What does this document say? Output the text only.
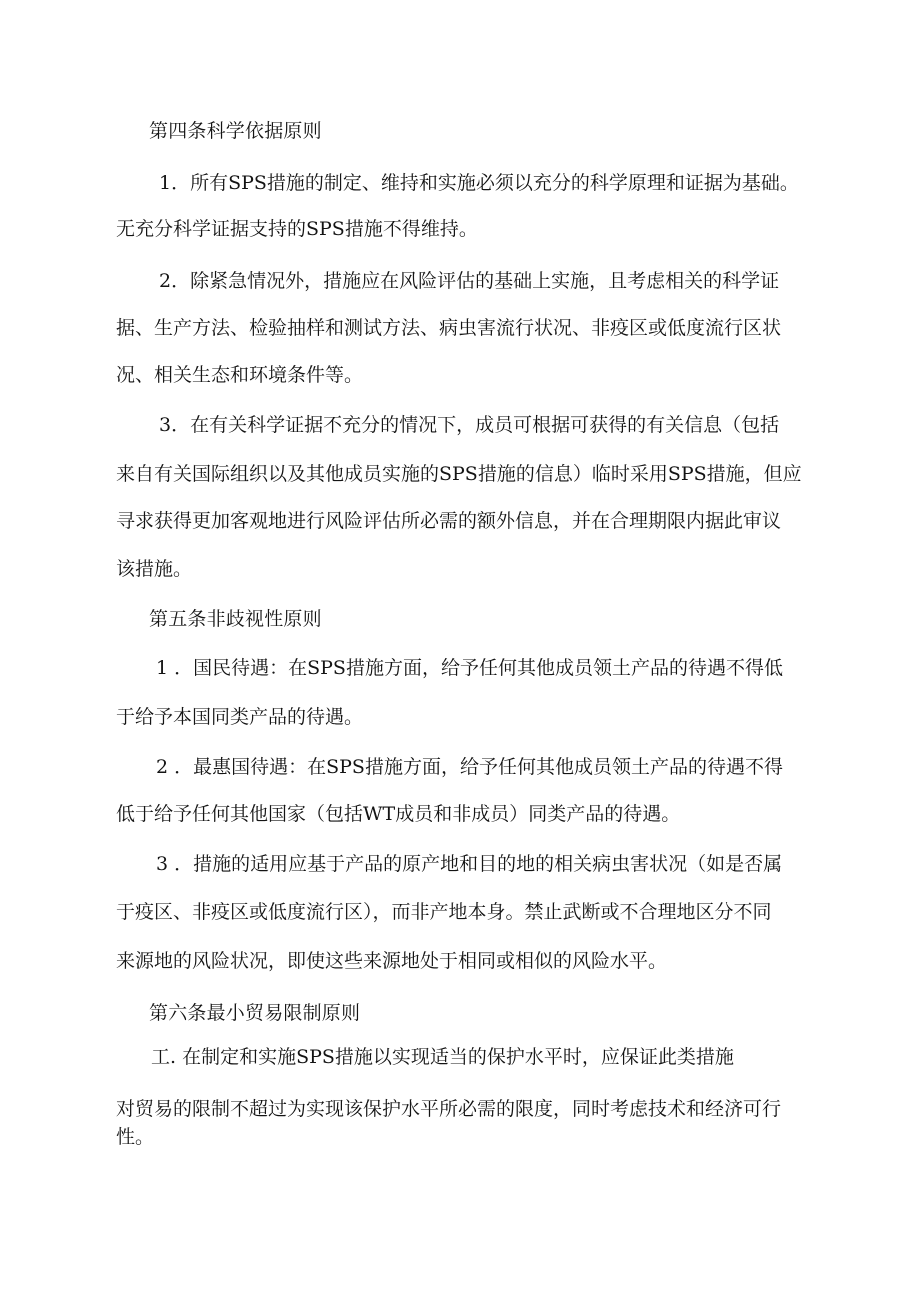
第四条科学依据原则

1．所有SPS措施的制定、维持和实施必须以充分的科学原理和证据为基础。

无充分科学证据支持的SPS措施不得维持。

2．除紧急情况外，措施应在风险评估的基础上实施，且考虑相关的科学证

据、生产方法、检验抽样和测试方法、病虫害流行状况、非疫区或低度流行区状

况、相关生态和环境条件等。

3．在有关科学证据不充分的情况下，成员可根据可获得的有关信息（包括

来自有关国际组织以及其他成员实施的SPS措施的信息）临时采用SPS措施，但应

寻求获得更加客观地进行风险评估所必需的额外信息，并在合理期限内据此审议

该措施。

第五条非歧视性原则

1 ．国民待遇：在SPS措施方面，给予任何其他成员领土产品的待遇不得低

于给予本国同类产品的待遇。

2 ．最惠国待遇：在SPS措施方面，给予任何其他成员领土产品的待遇不得

低于给予任何其他国家（包括WT成员和非成员）同类产品的待遇。

3 ．措施的适用应基于产品的原产地和目的地的相关病虫害状况（如是否属

于疫区、非疫区或低度流行区），而非产地本身。禁止武断或不合理地区分不同

来源地的风险状况，即使这些来源地处于相同或相似的风险水平。

第六条最小贸易限制原则

工. 在制定和实施SPS措施以实现适当的保护水平时，应保证此类措施

对贸易的限制不超过为实现该保护水平所必需的限度，同时考虑技术和经济可行

性。
